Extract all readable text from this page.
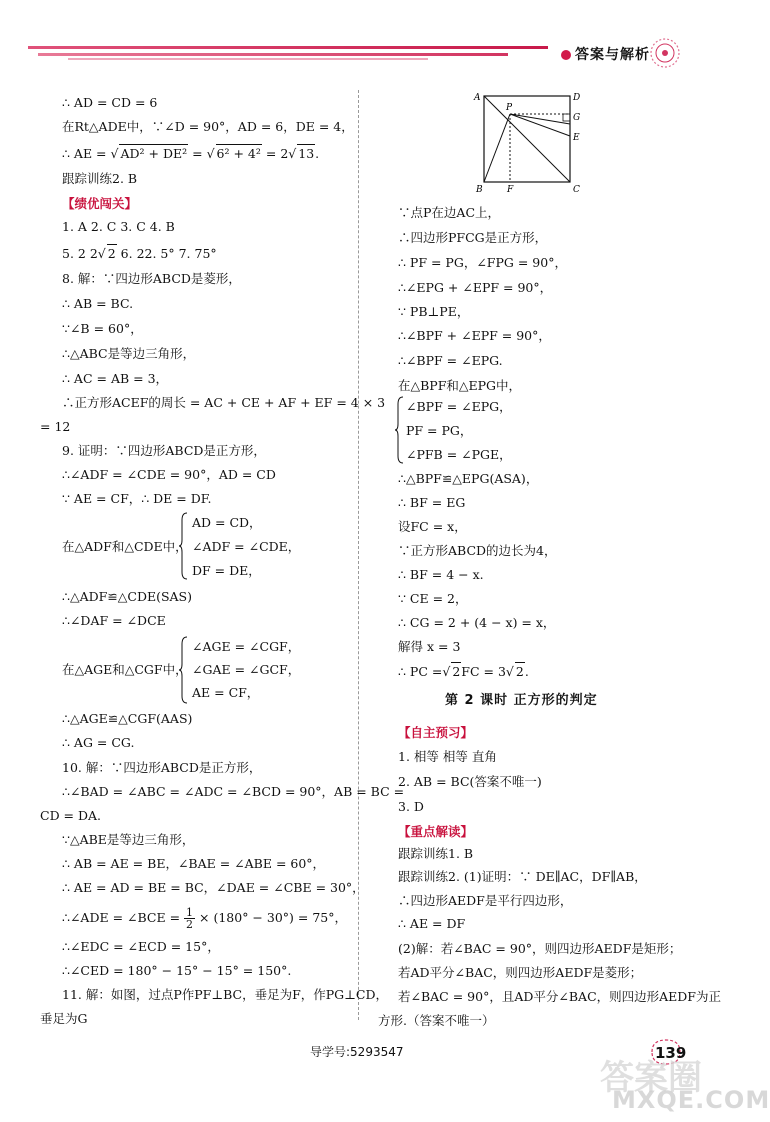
答案与解析
∴ AD = CD = 6
在Rt△ADE中，∵∠D = 90°，AD = 6，DE = 4，
∴ AE = √ AD² + DE² = √ 6² + 4² = 2√ 13.
跟踪训练2. B
【绩优闯关】
1. A 2. C 3. C 4. B
5. 2 2√ 2 6. 22. 5° 7. 75°
8. 解：∵四边形ABCD是菱形，
∴ AB = BC.
∵∠B = 60°，
∴△ABC是等边三角形，
∴ AC = AB = 3，
∴正方形ACEF的周长 = AC + CE + AF + EF = 4 × 3
= 12
9. 证明：∵四边形ABCD是正方形，
∴∠ADF = ∠CDE = 90°，AD = CD
∵ AE = CF，∴ DE = DF.
在△ADF和△CDE中，
AD = CD，
∠ADF = ∠CDE，
DF = DE，
∴△ADF≌△CDE(SAS)
∴∠DAF = ∠DCE
在△AGE和△CGF中，
∠AGE = ∠CGF，
∠GAE = ∠GCF，
AE = CF，
∴△AGE≌△CGF(AAS)
∴ AG = CG.
10. 解：∵四边形ABCD是正方形，
∴∠BAD = ∠ABC = ∠ADC = ∠BCD = 90°，AB = BC =
CD = DA.
∵△ABE是等边三角形，
∴ AB = AE = BE，∠BAE = ∠ABE = 60°，
∴ AE = AD = BE = BC，∠DAE = ∠CBE = 30°，
∴∠ADE = ∠BCE = $\frac{1}{2} \times (180^\circ - 30^\circ) = 75^\circ$，
∴∠EDC = ∠ECD = 15°，
∴∠CED = 180° − 15° − 15° = 150°.
11. 解：如图，过点P作PF⊥BC，垂足为F，作PG⊥CD，
垂足为G
A	D
P
G
E
B	F	C
∵点P在边AC上，
∴四边形PFCG是正方形，
∴ PF = PG，∠FPG = 90°，
∴∠EPG + ∠EPF = 90°，
∵ PB⊥PE，
∴∠BPF + ∠EPF = 90°，
∴∠BPF = ∠EPG.
在△BPF和△EPG中，
∠BPF = ∠EPG，
PF = PG，
∠PFB = ∠PGE，
∴△BPF≌△EPG(ASA)，
∴ BF = EG
设FC = x，
∵正方形ABCD的边长为4，
∴ BF = 4 − x.
∵ CE = 2，
∴ CG = 2 + (4 − x) = x，
解得 x = 3
∴ PC =√ 2FC = 3√ 2.
第 2 课时 正方形的判定
【自主预习】
1. 相等 相等 直角
2. AB = BC(答案不唯一)
3. D
【重点解读】
跟踪训练1. B
跟踪训练2. (1)证明：∵ DE∥AC，DF∥AB，
∴四边形AEDF是平行四边形，
∴ AE = DF
(2)解：若∠BAC = 90°，则四边形AEDF是矩形；
若AD平分∠BAC，则四边形AEDF是菱形；
若∠BAC = 90°，且AD平分∠BAC，则四边形AEDF为正
方形.（答案不唯一）
导学号:5293547	139
答案圈
MXQE.COM
